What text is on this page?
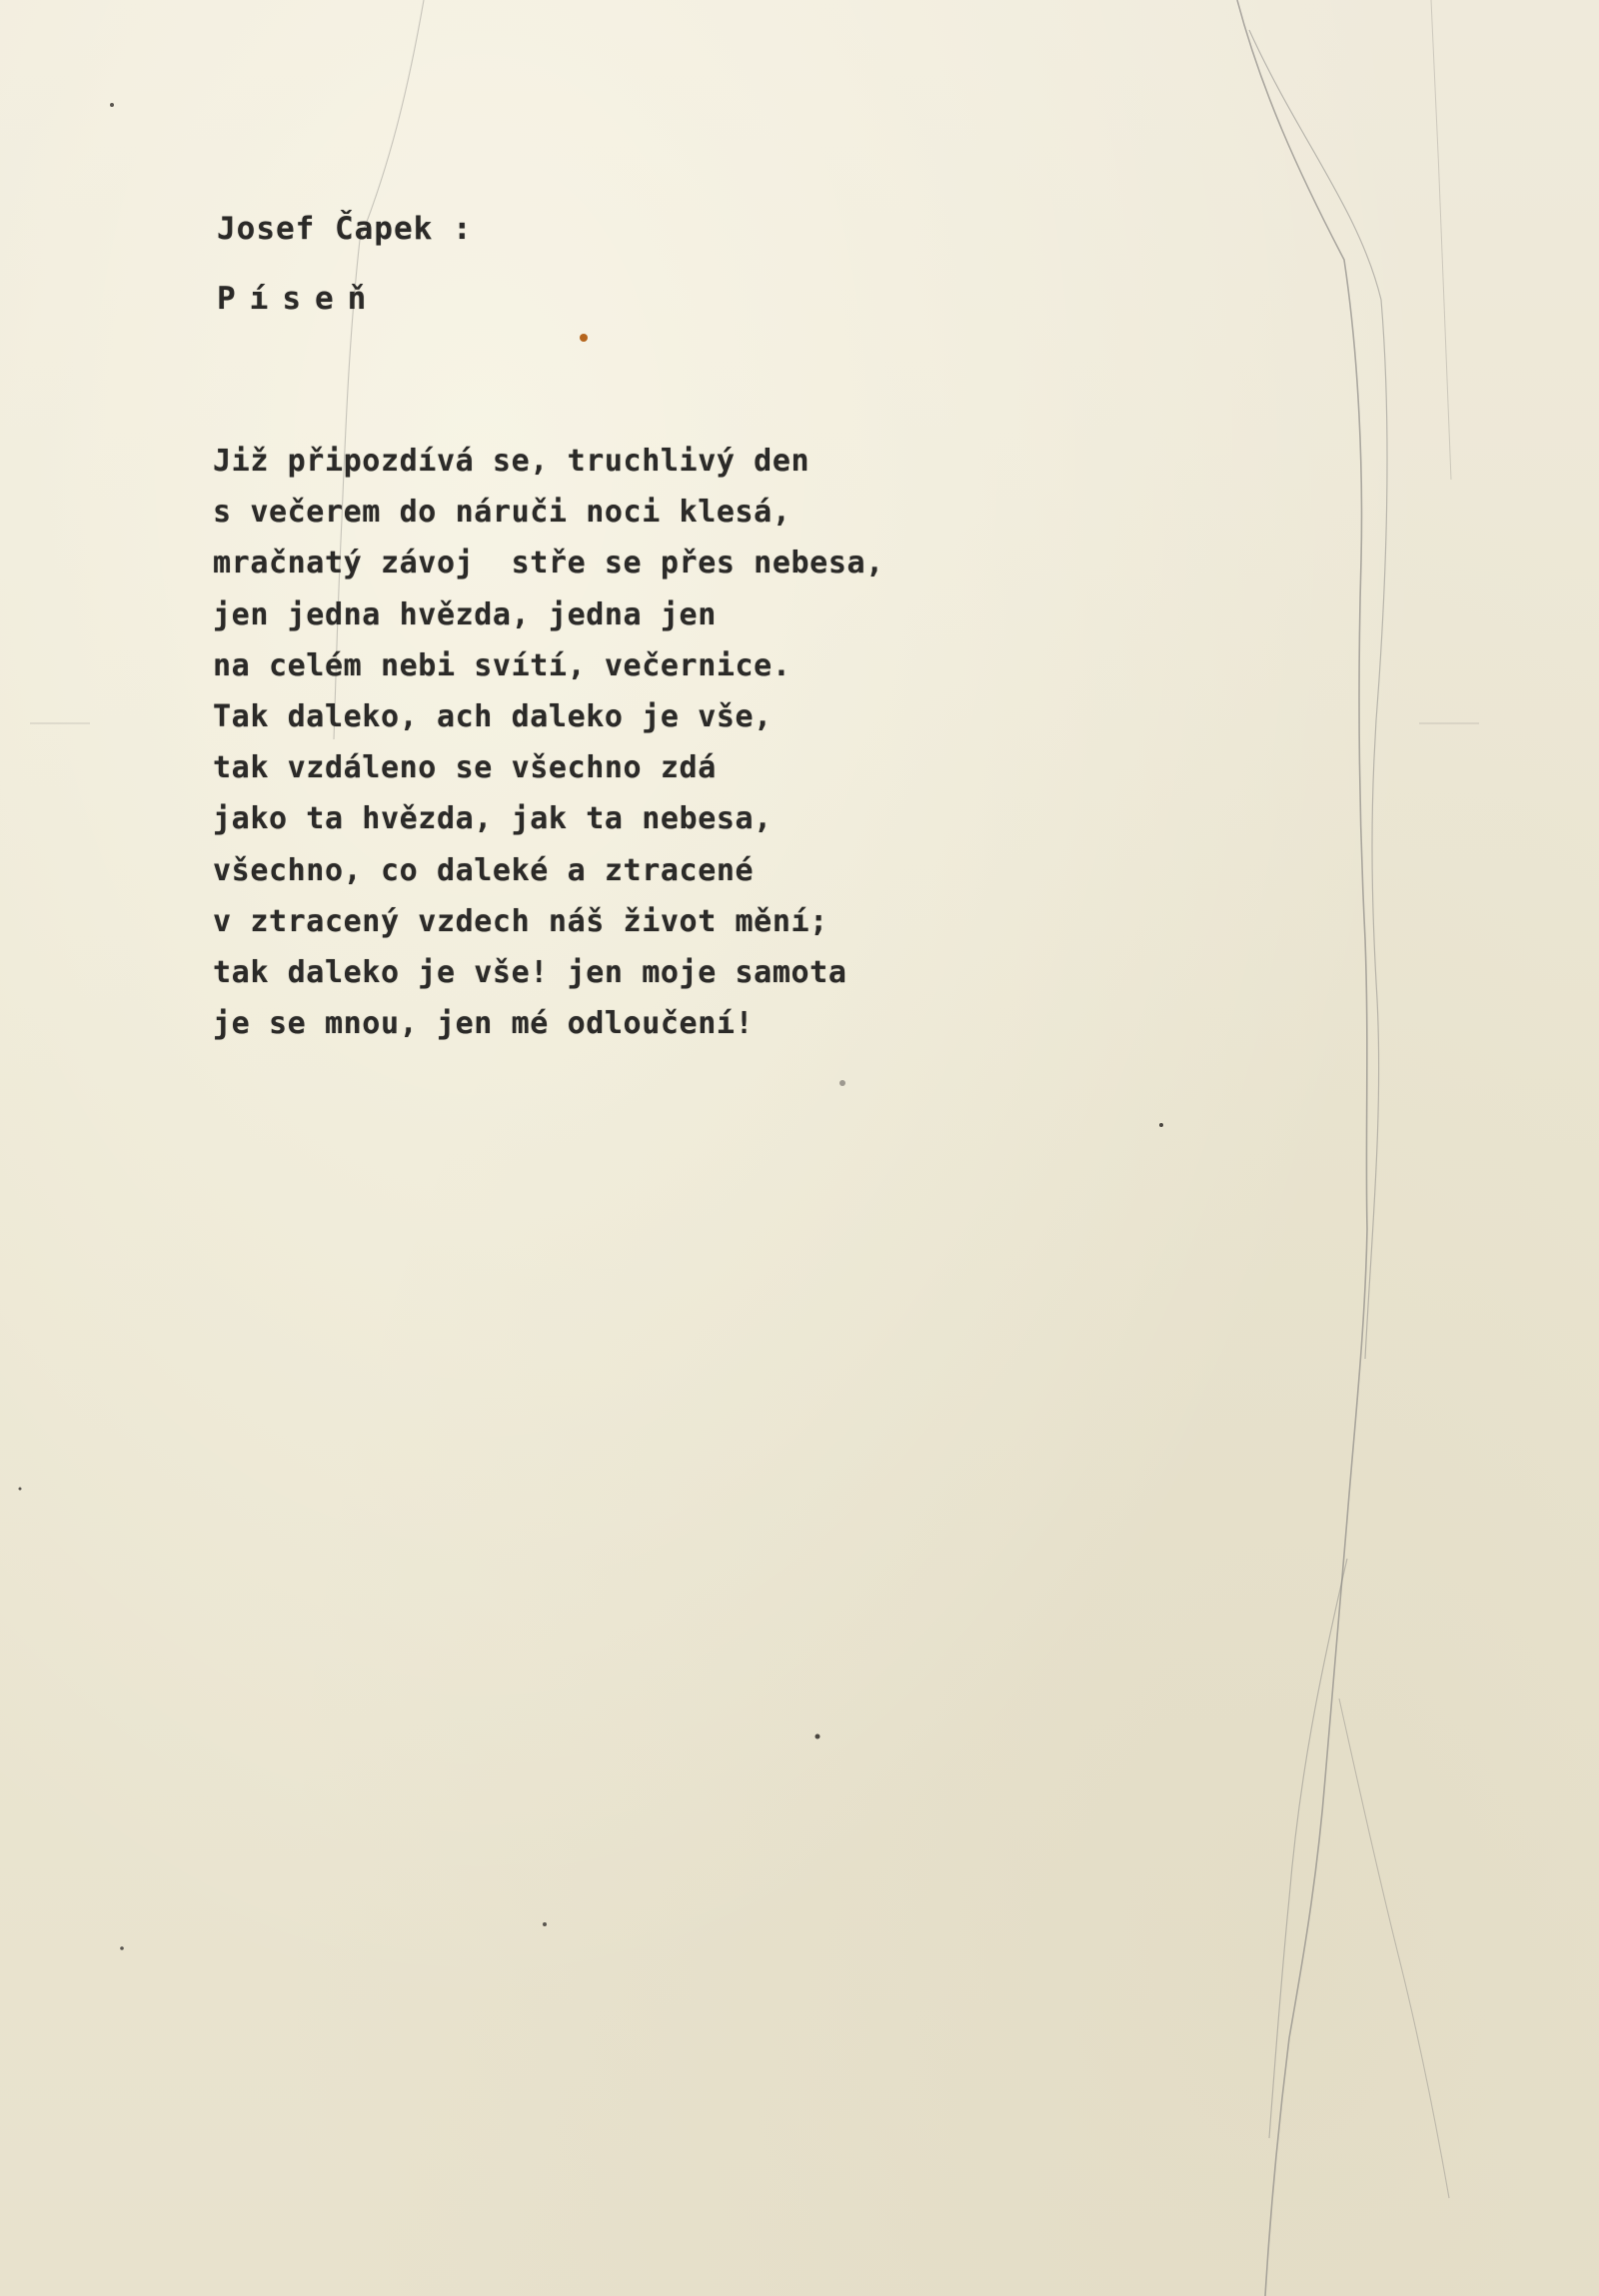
Josef Čapek :
Píseň
Již připozdívá se, truchlivý den
s večerem do náruči noci klesá,
mračnatý závoj  stře se přes nebesa,
jen jedna hvězda, jedna jen
na celém nebi svítí, večernice.
Tak daleko, ach daleko je vše,
tak vzdáleno se všechno zdá
jako ta hvězda, jak ta nebesa,
všechno, co daleké a ztracené
v ztracený vzdech náš život mění;
tak daleko je vše! jen moje samota
je se mnou, jen mé odloučení!
